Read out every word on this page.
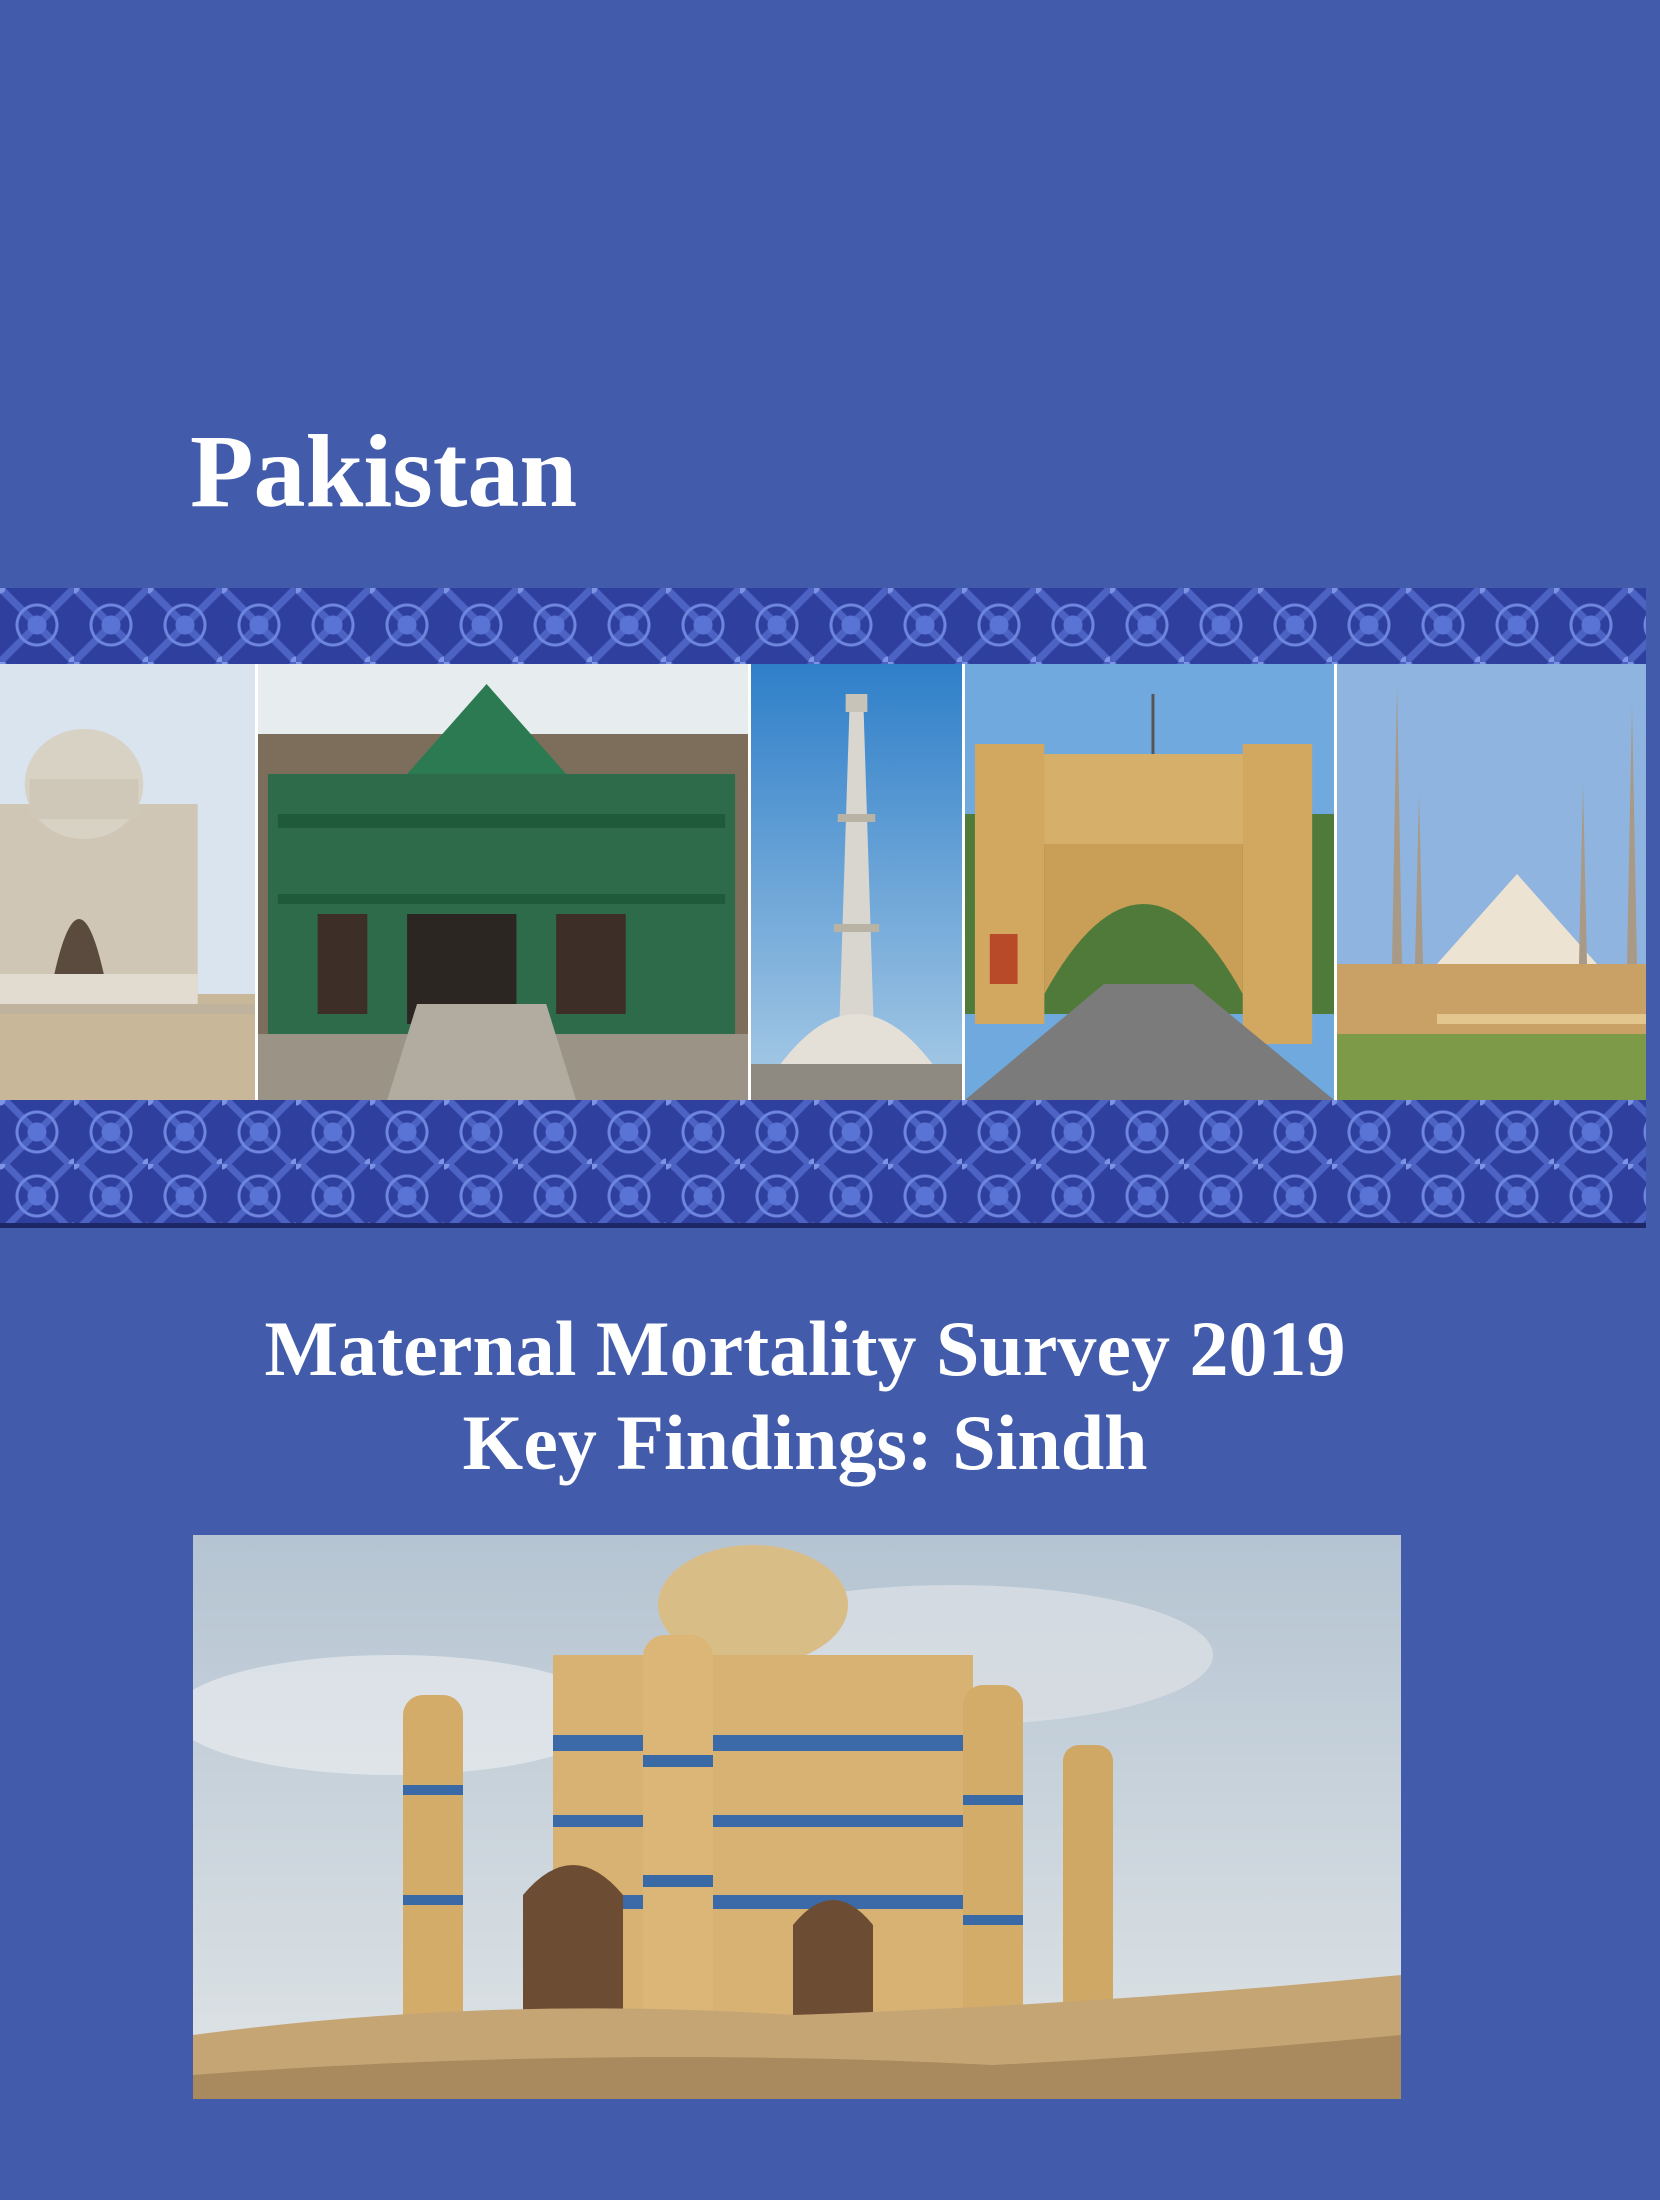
Pakistan
Maternal Mortality Survey 2019
Key Findings: Sindh
